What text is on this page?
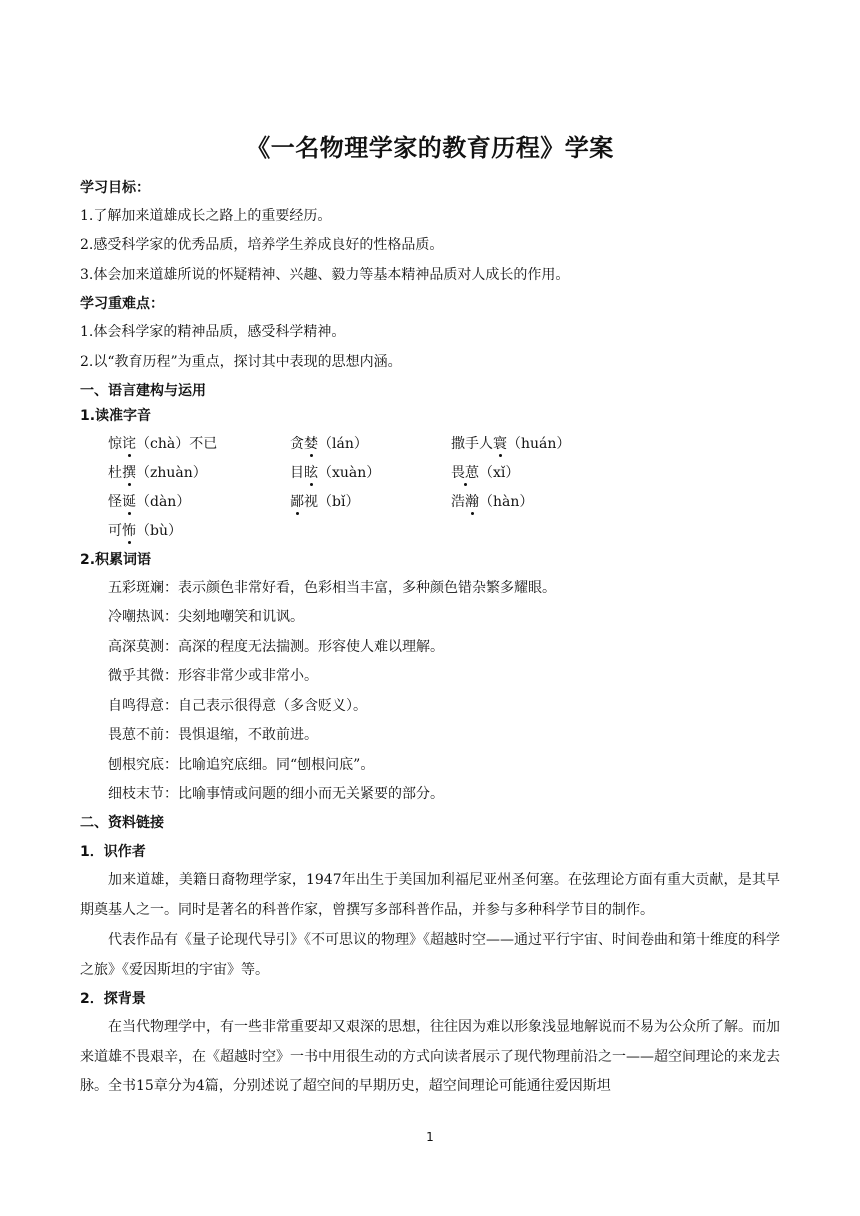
《一名物理学家的教育历程》学案
学习目标：
1.了解加来道雄成长之路上的重要经历。
2.感受科学家的优秀品质，培养学生养成良好的性格品质。
3.体会加来道雄所说的怀疑精神、兴趣、毅力等基本精神品质对人成长的作用。
学习重难点：
1.体会科学家的精神品质，感受科学精神。
2.以“教育历程”为重点，探讨其中表现的思想内涵。
一、语言建构与运用
1.读准字音
惊诧（chà）不已	贪婪（lán）	撒手人寰（huán）
杜撰（zhuàn）	目眩（xuàn）	畏葸（xǐ）
怪诞（dàn）	鄙视（bǐ）	浩瀚（hàn）
可怖（bù）
2.积累词语
五彩斑斓：表示颜色非常好看，色彩相当丰富，多种颜色错杂繁多耀眼。
冷嘲热讽：尖刻地嘲笑和讥讽。
高深莫测：高深的程度无法揣测。形容使人难以理解。
微乎其微：形容非常少或非常小。
自鸣得意：自己表示很得意（多含贬义）。
畏葸不前：畏惧退缩，不敢前进。
刨根究底：比喻追究底细。同“刨根问底”。
细枝末节：比喻事情或问题的细小而无关紧要的部分。
二、资料链接
1．识作者
加来道雄，美籍日裔物理学家，1947年出生于美国加利福尼亚州圣何塞。在弦理论方面有重大贡献，是其早期奠基人之一。同时是著名的科普作家，曾撰写多部科普作品，并参与多种科学节目的制作。
代表作品有《量子论现代导引》《不可思议的物理》《超越时空——通过平行宇宙、时间卷曲和第十维度的科学之旅》《爱因斯坦的宇宙》等。
2．探背景
在当代物理学中，有一些非常重要却又艰深的思想，往往因为难以形象浅显地解说而不易为公众所了解。而加来道雄不畏艰辛，在《超越时空》一书中用很生动的方式向读者展示了现代物理前沿之一——超空间理论的来龙去脉。全书15章分为4篇，分别述说了超空间的早期历史，超空间理论可能通往爱因斯坦
1
